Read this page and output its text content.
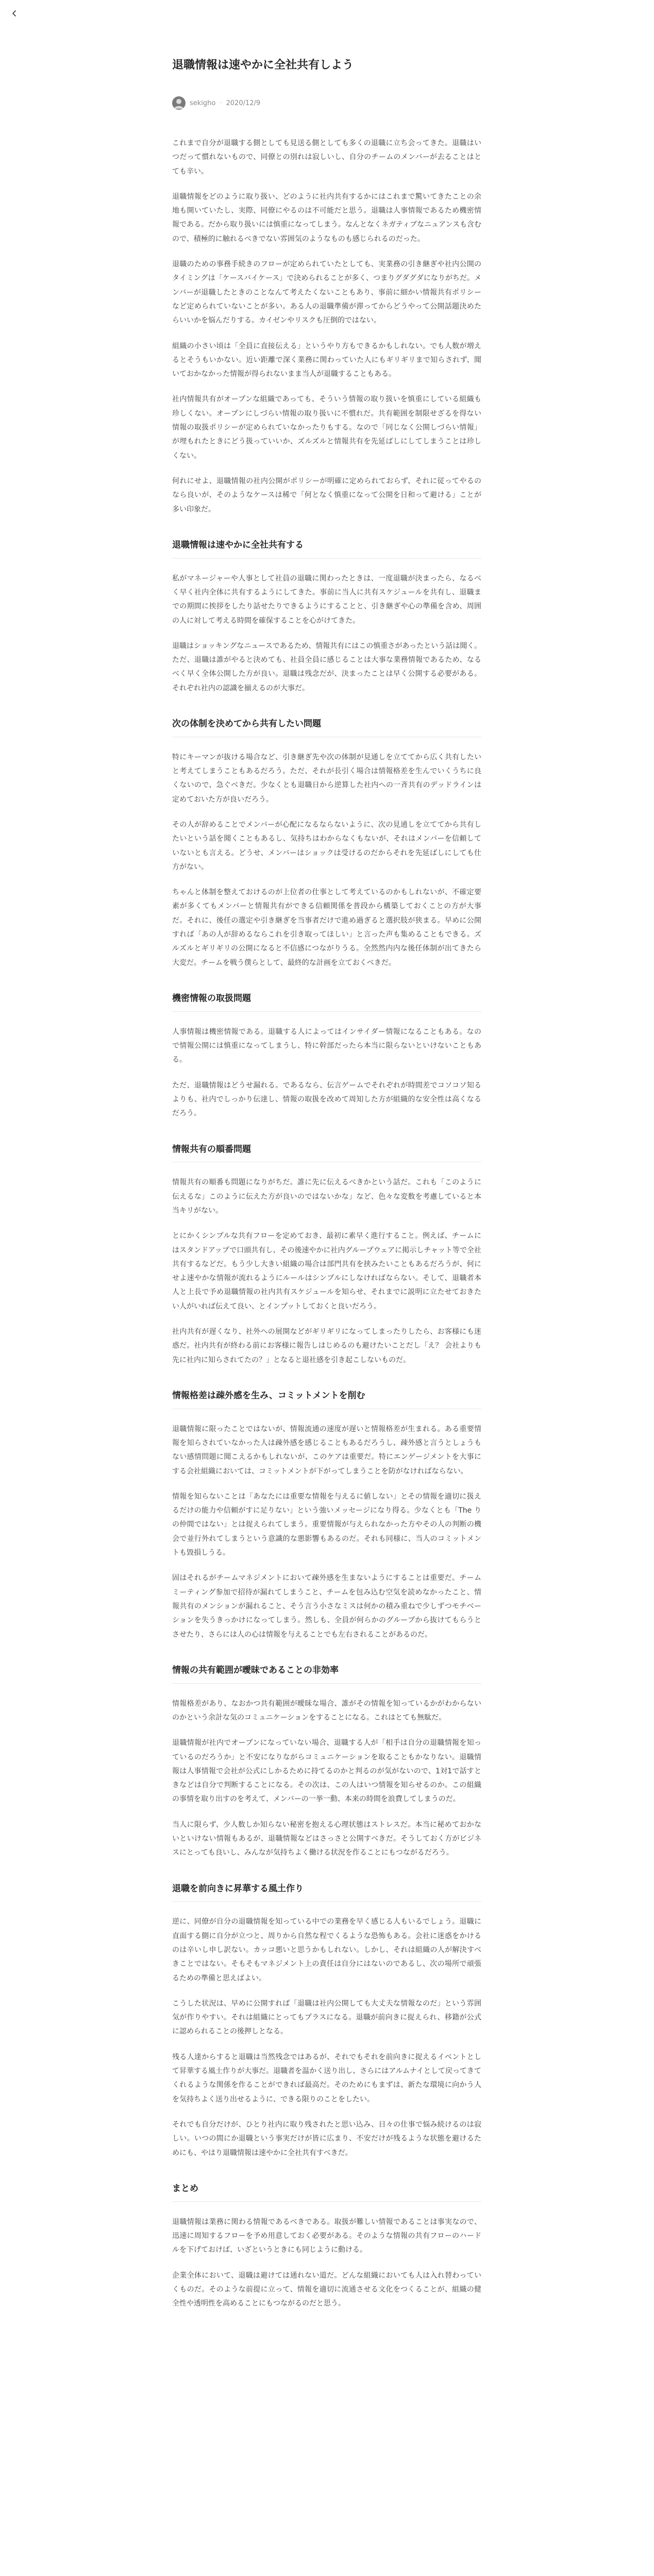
退職情報は速やかに全社共有しよう
sekigho · 2020/12/9

これまで自分が退職する側としても見送る側としても多くの退職に立ち会ってきた。退職はいつだって慣れないもので、同僚との別れは寂しいし、自分のチームのメンバーが去ることはとても辛い。

退職情報をどのように取り扱い、どのように社内共有するかにはこれまで驚いてきたことの余地も開いていたし、実際、同僚にやるのは不可能だと思う。退職は人事情報であるため機密情報である。だから取り扱いには慎重になってしまう。なんとなくネガティブなニュアンスも含むので、積極的に触れるべきでない雰囲気のようなものも感じられるのだった。

退職のための事務手続きのフローが定められていたとしても、実業務の引き継ぎや社内公開のタイミングは「ケースバイケース」で決められることが多く、つまりグダグダになりがちだ。メンバーが退職したときのことなんて考えたくないこともあり、事前に細かい情報共有ポリシーなど定められていないことが多い。ある人の退職準備が滞ってからどうやって公開話題決めたらいいかを悩んだりする。カイゼンやリスクも圧倒的ではない。

組織の小さい頃は「全員に直接伝える」というやり方もできるかもしれない。でも人数が増えるとそうもいかない。近い距離で深く業務に関わっていた人にもギリギリまで知らされず、聞いておかなかった情報が得られないまま当人が退職することもある。

社内情報共有がオープンな組織であっても、そういう情報の取り扱いを慎重にしている組織も珍しくない。オープンにしづらい情報の取り扱いに不慣れだ。共有範囲を制限せざるを得ない情報の取扱ポリシーが定められていなかったりもする。なので「同じなく公開しづらい情報」が埋もれたときにどう扱っていいか、ズルズルと情報共有を先延ばしにしてしまうことは珍しくない。

何れにせよ、退職情報の社内公開がポリシーが明確に定められておらず、それに従ってやるのなら良いが、そのようなケースは稀で「何となく慎重になって公開を日和って避ける」ことが多い印象だ。

退職情報は速やかに全社共有する

私がマネージャーや人事として社員の退職に関わったときは、一度退職が決まったら、なるべく早く社内全体に共有するようにしてきた。事前に当人に共有スケジュールを共有し、退職までの期間に挨拶をしたり話せたりできるようにすることと、引き継ぎや心の準備を含め、周囲の人に対して考える時間を確保することを心がけてきた。

退職はショッキングなニュースであるため、情報共有にはこの慎重さがあったという話は聞く。ただ、退職は誰がやると決めても、社員全員に感じることは大事な業務情報であるため、なるべく早く全体公開した方が良い。退職は残念だが、決まったことは早く公開する必要がある。それぞれ社内の認識を揃えるのが大事だ。

次の体制を決めてから共有したい問題

特にキーマンが抜ける場合など、引き継ぎ先や次の体制が見通しを立ててから広く共有したいと考えてしまうこともあるだろう。ただ、それが長引く場合は情報格差を生んでいくうちに良くないので、急ぐべきだ。少なくとも退職日から逆算した社内への一斉共有のデッドラインは定めておいた方が良いだろう。

その人が辞めることでメンバーが心配になるならないように、次の見通しを立ててから共有したいという話を聞くこともあるし、気持ちはわからなくもないが、それはメンバーを信頼していないとも言える。どうせ、メンバーはショックは受けるのだからそれを先延ばしにしても仕方がない。

ちゃんと体制を整えておけるのが上位者の仕事として考えているのかもしれないが、不確定要素が多くてもメンバーと情報共有ができる信頼関係を普段から構築しておくことの方が大事だ。それに、後任の選定や引き継ぎを当事者だけで進め過ぎると選択肢が狭まる。早めに公開すれば「あの人が辞めるならこれを引き取ってほしい」と言った声も集めることもできる。ズルズルとギリギリの公開になると不信感につながりうる。全然然内内な後任体制が出てきたら大変だ。チームを戦う僕らとして、最終的な計画を立ておくべきだ。

機密情報の取扱問題

人事情報は機密情報である。退職する人によってはインサイダー情報になることもある。なので情報公開には慎重になってしまうし、特に幹部だったら本当に限らないといけないこともある。

ただ、退職情報はどうせ漏れる。であるなら、伝言ゲームでそれぞれが時間差でコソコソ知るよりも、社内でしっかり伝達し、情報の取扱を改めて周知した方が組織的な安全性は高くなるだろう。

情報共有の順番問題

情報共有の順番も問題になりがちだ。誰に先に伝えるべきかという話だ。これも「このように伝えるな」このように伝えた方が良いのではないかな」など、色々な変数を考慮していると本当キリがない。

とにかくシンプルな共有フローを定めておき、最初に素早く進行すること。例えば、チームにはスタンドアップで口頭共有し、その後速やかに社内グループウェアに掲示しチャット等で全社共有するなどだ。もう少し大きい組織の場合は部門共有を挟みたいこともあるだろうが、何にせよ速やかな情報が流れるようにルールはシンプルにしなければならない。そして、退職者本人と上長で予め退職情報の社内共有スケジュールを知らせ、それまでに説明に立たせておきたい人がいれば伝えて良い、とインプットしておくと良いだろう。

社内共有が遅くなり、社外への展開などがギリギリになってしまったりしたら、お客様にも迷惑だ。社内共有が終わる前にお客様に報告しはじめるのも避けたいことだし「え？ 会社よりも先に社内に知らされてたの？」となると退社感を引き起こしないものだ。

情報格差は疎外感を生み、コミットメントを削む

退職情報に限ったことではないが、情報流通の速度が遅いと情報格差が生まれる。ある重要情報を知らされていなかった人は疎外感を感じることもあるだろうし、疎外感と言うとしょうもない感情問題に聞こえるかもしれないが、このケアは重要だ。特にエンゲージメントを大事にする会社組織においては、コミットメントが下がってしまうことを防がなければならない。

情報を知らないことは「あなたには重要な情報を与えるに値しない」とその情報を適切に扱えるだけの能力や信頼がすに足りない」という強いメッセージになり得る。少なくとも「The りの仲間ではない」とは捉えられてしまう。重要情報が与えられなかった方やその人の判断の機会で並行外れてしまうという意識的な悪影響もあるのだ。それも同様に、当人のコミットメントも毀損しうる。

固はそれるがチームマネジメントにおいて疎外感を生まないようにすることは重要だ。チームミーティング参加で招待が漏れてしまうこと、チームを包み込む空気を読めなかったこと、情報共有のメンションが漏れること、そう言う小さなミスは何かの積み重ねで少しずつモチベーションを失うきっかけになってしまう。然しも、全員が何らかのグループから抜けてもらうとさせたり、さらには人の心は情報を与えることでも左右されることがあるのだ。

情報の共有範囲が曖昧であることの非効率

情報格差があり、なおかつ共有範囲が曖昧な場合、誰がその情報を知っているかがわからないのかという余計な気のコミュニケーションをすることになる。これはとても無駄だ。

退職情報が社内でオープンになっていない場合、退職する人が「相手は自分の退職情報を知っているのだろうか」と不安になりながらコミュニケーションを取ることもかなりない。退職情報は人事情報で会社が公式にしかるために持てるのかと判るのが気がないので、1対1で話すときなどは自分で判断することになる。その次は、この人はいつ情報を知らせるのか。この組織の事情を取り出すのを考えて、メンバーの一挙一動、本来の時間を浪費してしまうのだ。

当人に限らず、少人数しか知らない秘密を抱える心理状態はストレスだ。本当に秘めておかないといけない情報もあるが、退職情報などはさっさと公開すべきだ。そうしておく方がビジネスにとっても良いし、みんなが気持ちよく働ける状況を作ることにもつながるだろう。

退職を前向きに昇華する風土作り

逆に、同僚が自分の退職情報を知っている中での業務を早く感じる人もいるでしょう。退職に直面する側に自分が立つと、周りから自然な程でくるような恐怖もある。会社に迷惑をかけるのは辛いし申し訳ない。カッコ悪いと思うかもしれない。しかし、それは組織の人が解決すべきことではない。そもそもマネジメント上の責任は自分にはないのであるし、次の場所で頑張るための準備と思えばよい。

こうした状況は、早めに公開すれば「退職は社内公開しても大丈夫な情報なのだ」という雰囲気が作りやすい。それは組織にとってもプラスになる。退職が前向きに捉えられ、移籍が公式に認められることの後押しとなる。

残る人達からすると退職は当然残念ではあるが、それでもそれを前向きに捉えるイベントとして昇華する風土作りが大事だ。退職者を温かく送り出し、さらにはアルムナイとして戻ってきてくれるような関係を作ることができれば最高だ。そのためにもまずは、新たな環境に向かう人を気持ちよく送り出せるように、できる限りのことをしたい。

それでも自分だけが、ひとり社内に取り残されたと思い込み、日々の仕事で悩み続けるのは寂しい。いつの間にか退職という事実だけが皆に広まり、不安だけが残るような状態を避けるためにも、やはり退職情報は速やかに全社共有すべきだ。

まとめ

退職情報は業務に関わる情報であるべきである。取扱が難しい情報であることは事実なので、迅速に周知するフローを予め用意しておく必要がある。そのような情報の共有フローのハードルを下げておけば、いざというときにも同じように動ける。

企業全体において、退職は避けては通れない道だ。どんな組織においても人は入れ替わっていくものだ。そのような前提に立って、情報を適切に流通させる文化をつくることが、組織の健全性や透明性を高めることにもつながるのだと思う。
